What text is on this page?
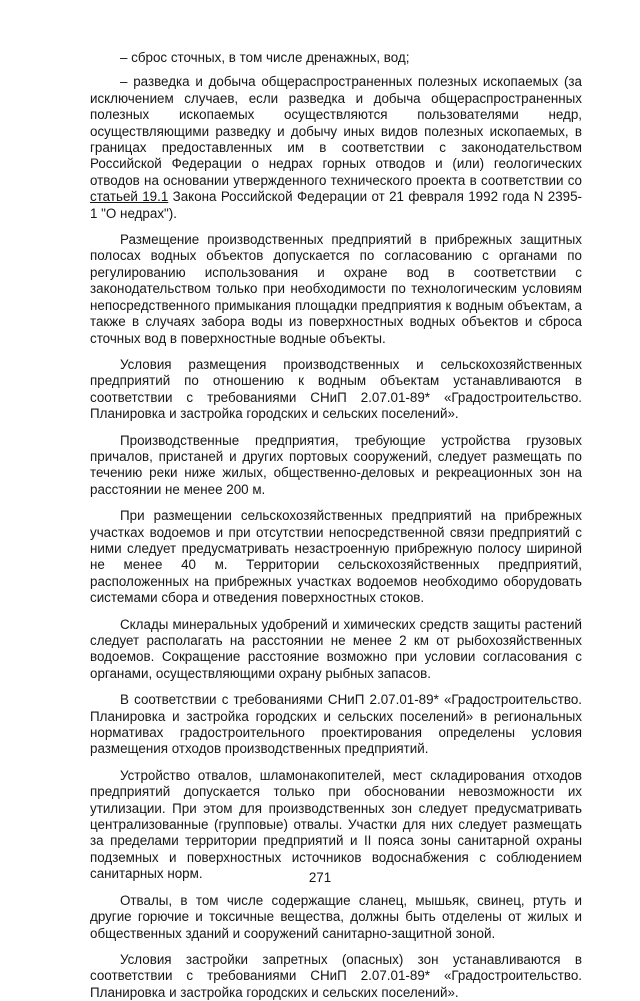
– сброс сточных, в том числе дренажных, вод;

– разведка и добыча общераспространенных полезных ископаемых (за исключением случаев, если разведка и добыча общераспространенных полезных ископаемых осуществляются пользователями недр, осуществляющими разведку и добычу иных видов полезных ископаемых, в границах предоставленных им в соответствии с законодательством Российской Федерации о недрах горных отводов и (или) геологических отводов на основании утвержденного технического проекта в соответствии со статьей 19.1 Закона Российской Федерации от 21 февраля 1992 года N 2395-1 "О недрах").

Размещение производственных предприятий в прибрежных защитных полосах водных объектов допускается по согласованию с органами по регулированию использования и охране вод в соответствии с законодательством только при необходимости по технологическим условиям непосредственного примыкания площадки предприятия к водным объектам, а также в случаях забора воды из поверхностных водных объектов и сброса сточных вод в поверхностные водные объекты.

Условия размещения производственных и сельскохозяйственных предприятий по отношению к водным объектам устанавливаются в соответствии с требованиями СНиП 2.07.01-89* «Градостроительство. Планировка и застройка городских и сельских поселений».

Производственные предприятия, требующие устройства грузовых причалов, пристаней и других портовых сооружений, следует размещать по течению реки ниже жилых, общественно-деловых и рекреационных зон на расстоянии не менее 200 м.

При размещении сельскохозяйственных предприятий на прибрежных участках водоемов и при отсутствии непосредственной связи предприятий с ними следует предусматривать незастроенную прибрежную полосу шириной не менее 40 м. Территории сельскохозяйственных предприятий, расположенных на прибрежных участках водоемов необходимо оборудовать системами сбора и отведения поверхностных стоков.

Склады минеральных удобрений и химических средств защиты растений следует располагать на расстоянии не менее 2 км от рыбохозяйственных водоемов. Сокращение расстояние возможно при условии согласования с органами, осуществляющими охрану рыбных запасов.

В соответствии с требованиями СНиП 2.07.01-89* «Градостроительство. Планировка и застройка городских и сельских поселений» в региональных нормативах градостроительного проектирования определены условия размещения отходов производственных предприятий.

Устройство отвалов, шламонакопителей, мест складирования отходов предприятий допускается только при обосновании невозможности их утилизации. При этом для производственных зон следует предусматривать централизованные (групповые) отвалы. Участки для них следует размещать за пределами территории предприятий и II пояса зоны санитарной охраны подземных и поверхностных источников водоснабжения с соблюдением санитарных норм.

Отвалы, в том числе содержащие сланец, мышьяк, свинец, ртуть и другие горючие и токсичные вещества, должны быть отделены от жилых и общественных зданий и сооружений санитарно-защитной зоной.

Условия застройки запретных (опасных) зон устанавливаются в соответствии с требованиями СНиП 2.07.01-89* «Градостроительство. Планировка и застройка городских и сельских поселений».

271
